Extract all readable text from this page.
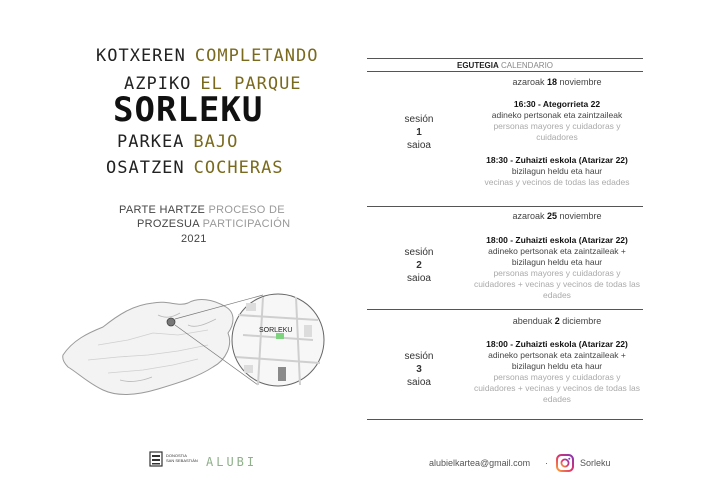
KOTXEREN COMPLETANDO
AZPIKO EL PARQUE
SORLEKU
PARKEA BAJO
OSATZEN COCHERAS
PARTE HARTZE PROCESO DE
PROZESUA PARTICIPACIÓN
2021
SORLEKU
EGUTEGIA CALENDARIO
azaroak 18 noviembre
sesión
1
saioa
16:30 - Ategorrieta 22
adineko pertsonak eta zaintzaileak
personas mayores y cuidadoras y cuidadores
18:30 - Zuhaizti eskola (Atarizar 22)
bizilagun heldu eta haur
vecinas y vecinos de todas las edades
azaroak 25 noviembre
sesión
2
saioa
18:00 - Zuhaizti eskola (Atarizar 22)
adineko pertsonak eta zaintzaileak + bizilagun heldu eta haur
personas mayores y cuidadoras y cuidadores + vecinas y vecinos de todas las edades
abenduak 2 diciembre
sesión
3
saioa
18:00 - Zuhaizti eskola (Atarizar 22)
adineko pertsonak eta zaintzaileak + bizilagun heldu eta haur
personas mayores y cuidadoras y cuidadores + vecinas y vecinos de todas las edades
DONOSTIA
SAN SEBASTIÁN ALUBI	alubielkartea@gmail.com ·	Sorleku
